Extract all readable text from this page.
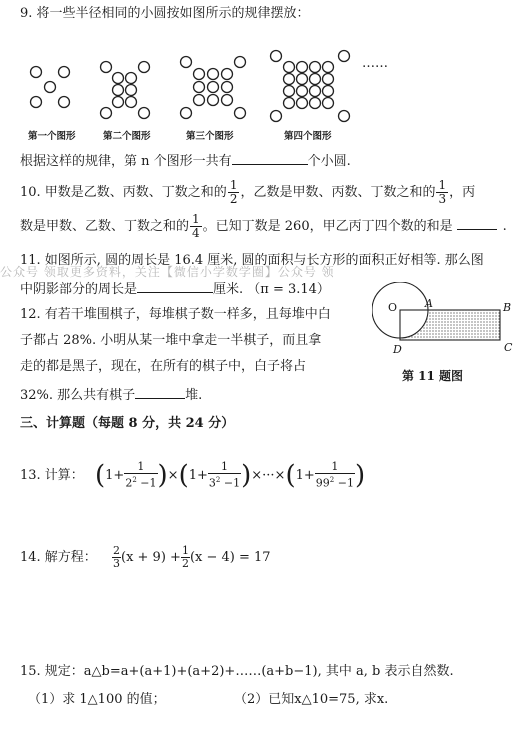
9. 将一些半径相同的小圆按如图所示的规律摆放：
……
第一个图形	第二个图形	第三个图形	第四个图形
根据这样的规律，第 n 个图形一共有	个小圆.
10. 甲数是乙数、丙数、丁数之和的 $\frac{1}{2}$ ，乙数是甲数、丙数、丁数之和的 $\frac{1}{3}$ ，丙
数是甲数、乙数、丁数之和的 $\frac{1}{4}$ 。已知丁数是 260，甲乙丙丁四个数的和是	.
11. 如图所示, 圆的周长是 16.4 厘米, 圆的面积与长方形的面积正好相等. 那么图
中阴影部分的周长是	厘米. （π = 3.14）
公众号 领取更多资料，关注【微信小学数学圈】公众号 领
O	A	B
C
D
第 11 题图
12. 有若干堆围棋子，每堆棋子数一样多，且每堆中白
子都占 28%. 小明从某一堆中拿走一半棋子，而且拿
走的都是黑子，现在，在所有的棋子中，白子将占
32%. 那么共有棋子	堆.
三、计算题（每题 8 分，共 24 分）
13. 计算： $(1+ \frac{1}{2^2 -1} )\times(1+ \frac{1}{3^2 -1} )\times\cdot\cdot\cdot\times(1+ \frac{1}{99^2 -1}$ )
14. 解方程： $\frac{2}{3} (x + 9) + \frac{1}{2} (x - 4) = 17$
15. 规定：a△b=a+(a+1)+(a+2)+……(a+b−1), 其中 a, b 表示自然数.
（1）求 1△100 的值；	（2）已知x△10=75, 求x.
